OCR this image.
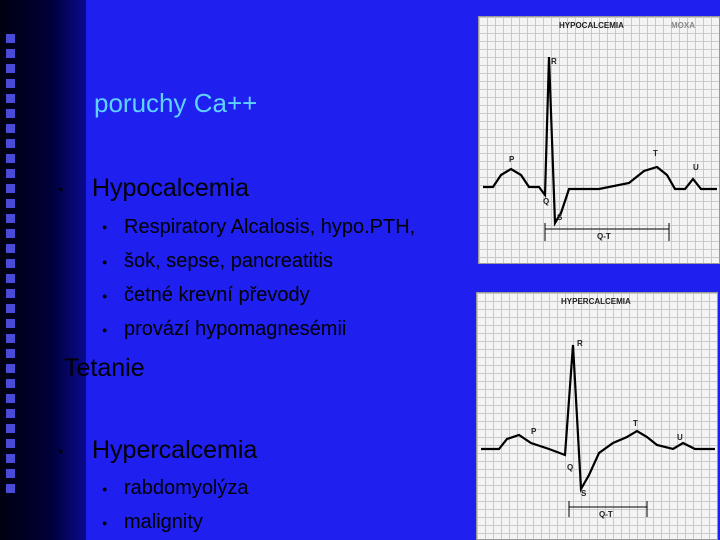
poruchy Ca++
● Hypocalcemia
● Respiratory Alcalosis, hypo.PTH,
● šok, sepse, pancreatitis
● četné krevní převody
● provází hypomagnesémii
Tetanie
● Hypercalcemia
● rabdomyolýza
● malignity
HYPOCALCEMIA	MOXA
R
P
Q
S
T
U
Q-T
HYPERCALCEMIA
R
P
Q
S
T
U
Q-T
